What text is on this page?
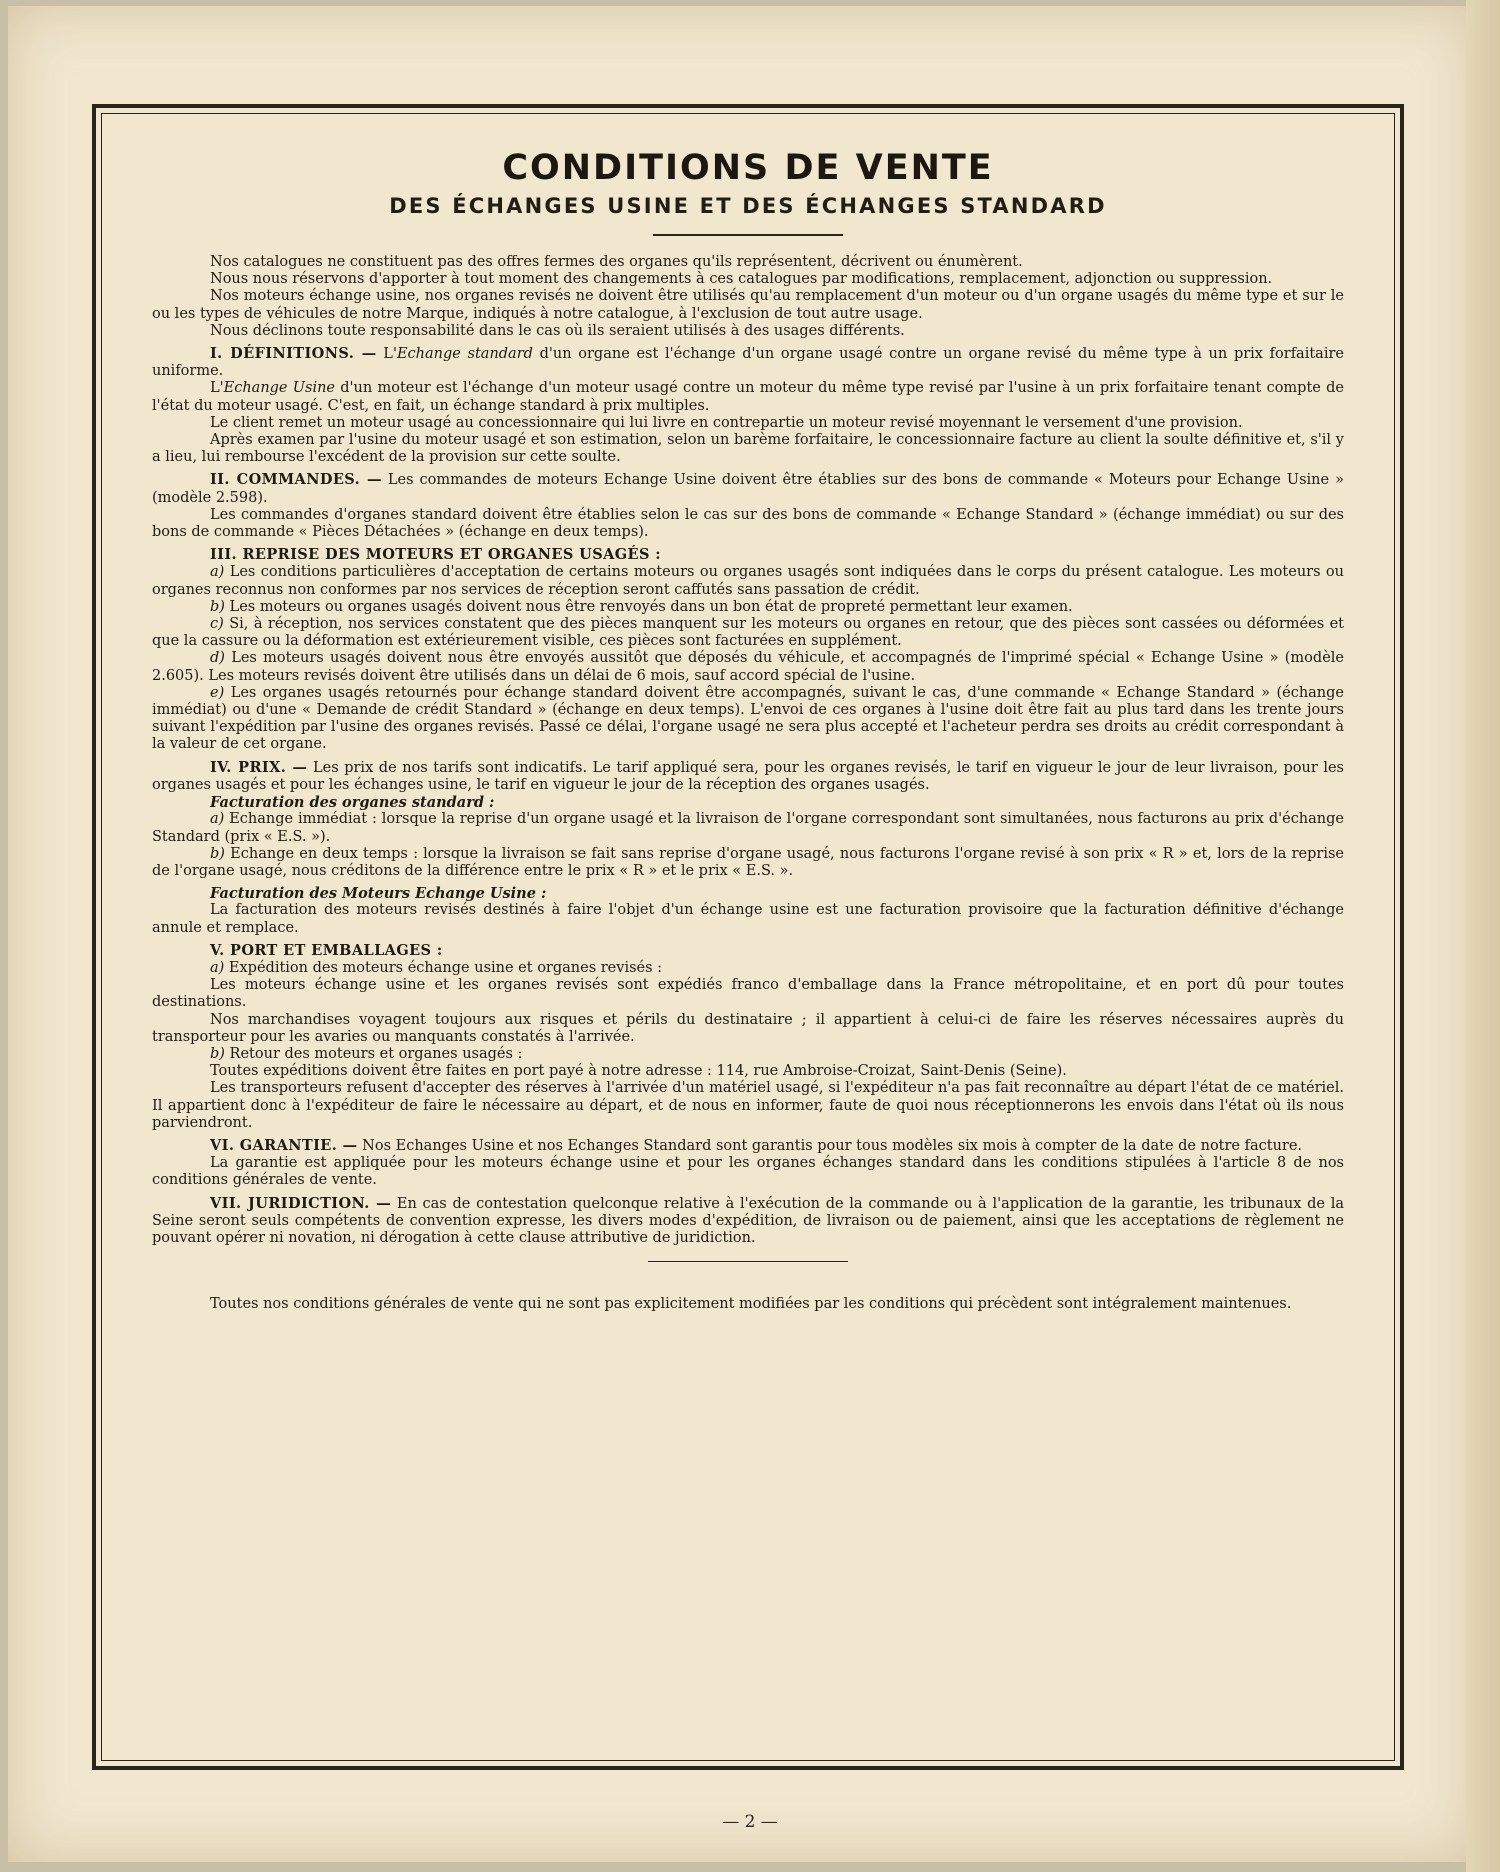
CONDITIONS DE VENTE
DES ÉCHANGES USINE ET DES ÉCHANGES STANDARD

Nos catalogues ne constituent pas des offres fermes des organes qu'ils représentent, décrivent ou énumèrent.

Nous nous réservons d'apporter à tout moment des changements à ces catalogues par modifications, remplacement, adjonction ou suppression.

Nos moteurs échange usine, nos organes revisés ne doivent être utilisés qu'au remplacement d'un moteur ou d'un organe usagés du même type et sur le ou les types de véhicules de notre Marque, indiqués à notre catalogue, à l'exclusion de tout autre usage.

Nous déclinons toute responsabilité dans le cas où ils seraient utilisés à des usages différents.

I. DÉFINITIONS. — L'Echange standard d'un organe est l'échange d'un organe usagé contre un organe revisé du même type à un prix forfaitaire uniforme.

L'Echange Usine d'un moteur est l'échange d'un moteur usagé contre un moteur du même type revisé par l'usine à un prix forfaitaire tenant compte de l'état du moteur usagé. C'est, en fait, un échange standard à prix multiples.

Le client remet un moteur usagé au concessionnaire qui lui livre en contrepartie un moteur revisé moyennant le versement d'une provision.

Après examen par l'usine du moteur usagé et son estimation, selon un barème forfaitaire, le concessionnaire facture au client la soulte définitive et, s'il y a lieu, lui rembourse l'excédent de la provision sur cette soulte.

II. COMMANDES. — Les commandes de moteurs Echange Usine doivent être établies sur des bons de commande « Moteurs pour Echange Usine » (modèle 2.598).

Les commandes d'organes standard doivent être établies selon le cas sur des bons de commande « Echange Standard » (échange immédiat) ou sur des bons de commande « Pièces Détachées » (échange en deux temps).

III. REPRISE DES MOTEURS ET ORGANES USAGÉS :

a) Les conditions particulières d'acceptation de certains moteurs ou organes usagés sont indiquées dans le corps du présent catalogue. Les moteurs ou organes reconnus non conformes par nos services de réception seront caffutés sans passation de crédit.

b) Les moteurs ou organes usagés doivent nous être renvoyés dans un bon état de propreté permettant leur examen.

c) Si, à réception, nos services constatent que des pièces manquent sur les moteurs ou organes en retour, que des pièces sont cassées ou déformées et que la cassure ou la déformation est extérieurement visible, ces pièces sont facturées en supplément.

d) Les moteurs usagés doivent nous être envoyés aussitôt que déposés du véhicule, et accompagnés de l'imprimé spécial « Echange Usine » (modèle 2.605). Les moteurs revisés doivent être utilisés dans un délai de 6 mois, sauf accord spécial de l'usine.

e) Les organes usagés retournés pour échange standard doivent être accompagnés, suivant le cas, d'une commande « Echange Standard » (échange immédiat) ou d'une « Demande de crédit Standard » (échange en deux temps). L'envoi de ces organes à l'usine doit être fait au plus tard dans les trente jours suivant l'expédition par l'usine des organes revisés. Passé ce délai, l'organe usagé ne sera plus accepté et l'acheteur perdra ses droits au crédit correspondant à la valeur de cet organe.

IV. PRIX. — Les prix de nos tarifs sont indicatifs. Le tarif appliqué sera, pour les organes revisés, le tarif en vigueur le jour de leur livraison, pour les organes usagés et pour les échanges usine, le tarif en vigueur le jour de la réception des organes usagés.

Facturation des organes standard :

a) Echange immédiat : lorsque la reprise d'un organe usagé et la livraison de l'organe correspondant sont simultanées, nous facturons au prix d'échange Standard (prix « E.S. »).

b) Echange en deux temps : lorsque la livraison se fait sans reprise d'organe usagé, nous facturons l'organe revisé à son prix « R » et, lors de la reprise de l'organe usagé, nous créditons de la différence entre le prix « R » et le prix « E.S. ».

Facturation des Moteurs Echange Usine :

La facturation des moteurs revisés destinés à faire l'objet d'un échange usine est une facturation provisoire que la facturation définitive d'échange annule et remplace.

V. PORT ET EMBALLAGES :

a) Expédition des moteurs échange usine et organes revisés :

Les moteurs échange usine et les organes revisés sont expédiés franco d'emballage dans la France métropolitaine, et en port dû pour toutes destinations.

Nos marchandises voyagent toujours aux risques et périls du destinataire ; il appartient à celui-ci de faire les réserves nécessaires auprès du transporteur pour les avaries ou manquants constatés à l'arrivée.

b) Retour des moteurs et organes usagés :

Toutes expéditions doivent être faites en port payé à notre adresse : 114, rue Ambroise-Croizat, Saint-Denis (Seine).

Les transporteurs refusent d'accepter des réserves à l'arrivée d'un matériel usagé, si l'expéditeur n'a pas fait reconnaître au départ l'état de ce matériel. Il appartient donc à l'expéditeur de faire le nécessaire au départ, et de nous en informer, faute de quoi nous réceptionnerons les envois dans l'état où ils nous parviendront.

VI. GARANTIE. — Nos Echanges Usine et nos Echanges Standard sont garantis pour tous modèles six mois à compter de la date de notre facture.

La garantie est appliquée pour les moteurs échange usine et pour les organes échanges standard dans les conditions stipulées à l'article 8 de nos conditions générales de vente.

VII. JURIDICTION. — En cas de contestation quelconque relative à l'exécution de la commande ou à l'application de la garantie, les tribunaux de la Seine seront seuls compétents de convention expresse, les divers modes d'expédition, de livraison ou de paiement, ainsi que les acceptations de règlement ne pouvant opérer ni novation, ni dérogation à cette clause attributive de juridiction.

Toutes nos conditions générales de vente qui ne sont pas explicitement modifiées par les conditions qui précèdent sont intégralement maintenues.

— 2 —
